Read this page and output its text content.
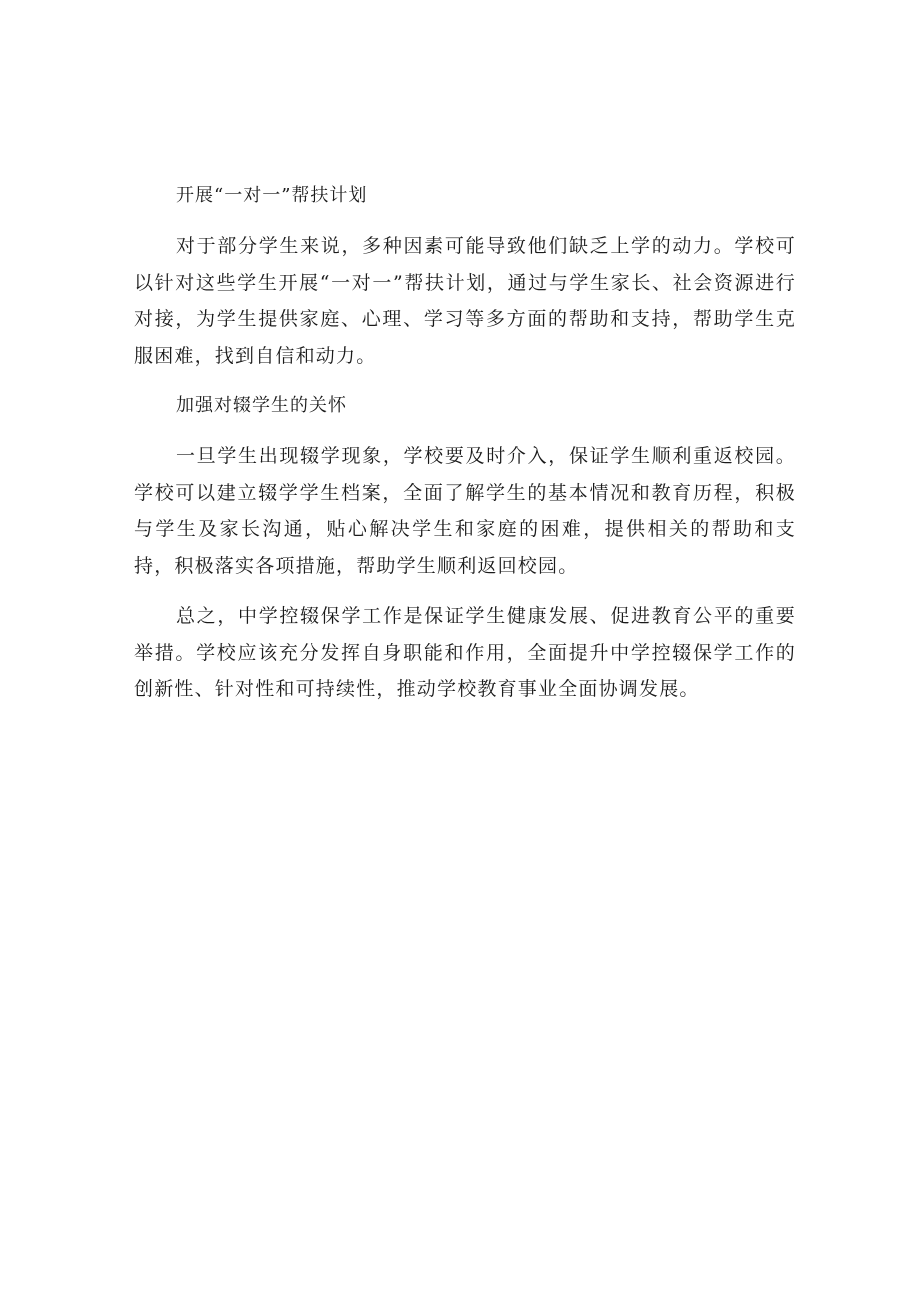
开展“一对一”帮扶计划

对于部分学生来说，多种因素可能导致他们缺乏上学的动力。学校可以针对这些学生开展“一对一”帮扶计划，通过与学生家长、社会资源进行对接，为学生提供家庭、心理、学习等多方面的帮助和支持，帮助学生克服困难，找到自信和动力。

加强对辍学生的关怀

一旦学生出现辍学现象，学校要及时介入，保证学生顺利重返校园。学校可以建立辍学学生档案，全面了解学生的基本情况和教育历程，积极与学生及家长沟通，贴心解决学生和家庭的困难，提供相关的帮助和支持，积极落实各项措施，帮助学生顺利返回校园。

总之，中学控辍保学工作是保证学生健康发展、促进教育公平的重要举措。学校应该充分发挥自身职能和作用，全面提升中学控辍保学工作的创新性、针对性和可持续性，推动学校教育事业全面协调发展。
